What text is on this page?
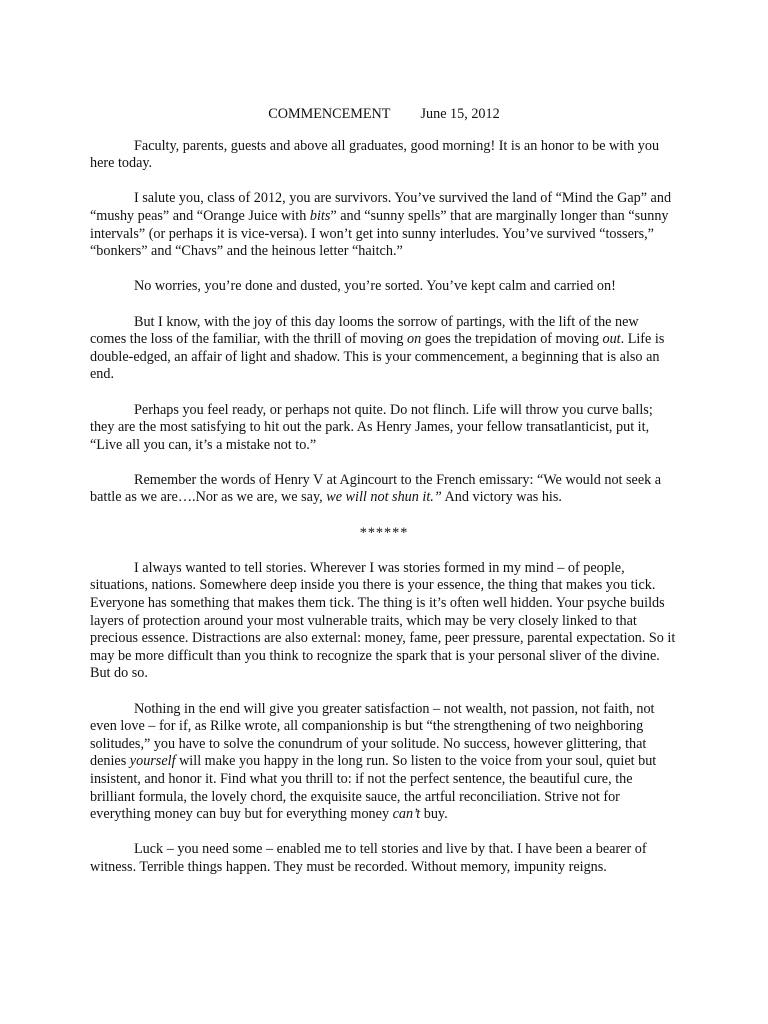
COMMENCEMENT June 15, 2012

Faculty, parents, guests and above all graduates, good morning! It is an honor to be with you here today.

I salute you, class of 2012, you are survivors. You’ve survived the land of “Mind the Gap” and “mushy peas” and “Orange Juice with bits” and “sunny spells” that are marginally longer than “sunny intervals” (or perhaps it is vice-versa). I won’t get into sunny interludes. You’ve survived “tossers,” “bonkers” and “Chavs” and the heinous letter “haitch.”

No worries, you’re done and dusted, you’re sorted. You’ve kept calm and carried on!

But I know, with the joy of this day looms the sorrow of partings, with the lift of the new comes the loss of the familiar, with the thrill of moving on goes the trepidation of moving out. Life is double-edged, an affair of light and shadow. This is your commencement, a beginning that is also an end.

Perhaps you feel ready, or perhaps not quite. Do not flinch. Life will throw you curve balls; they are the most satisfying to hit out the park. As Henry James, your fellow transatlanticist, put it, “Live all you can, it’s a mistake not to.”

Remember the words of Henry V at Agincourt to the French emissary: “We would not seek a battle as we are….Nor as we are, we say, we will not shun it.” And victory was his.

******

I always wanted to tell stories. Wherever I was stories formed in my mind – of people, situations, nations. Somewhere deep inside you there is your essence, the thing that makes you tick. Everyone has something that makes them tick. The thing is it’s often well hidden. Your psyche builds layers of protection around your most vulnerable traits, which may be very closely linked to that precious essence. Distractions are also external: money, fame, peer pressure, parental expectation. So it may be more difficult than you think to recognize the spark that is your personal sliver of the divine. But do so.

Nothing in the end will give you greater satisfaction – not wealth, not passion, not faith, not even love – for if, as Rilke wrote, all companionship is but “the strengthening of two neighboring solitudes,” you have to solve the conundrum of your solitude. No success, however glittering, that denies yourself will make you happy in the long run. So listen to the voice from your soul, quiet but insistent, and honor it. Find what you thrill to: if not the perfect sentence, the beautiful cure, the brilliant formula, the lovely chord, the exquisite sauce, the artful reconciliation. Strive not for everything money can buy but for everything money can’t buy.

Luck – you need some – enabled me to tell stories and live by that. I have been a bearer of witness. Terrible things happen. They must be recorded. Without memory, impunity reigns.
